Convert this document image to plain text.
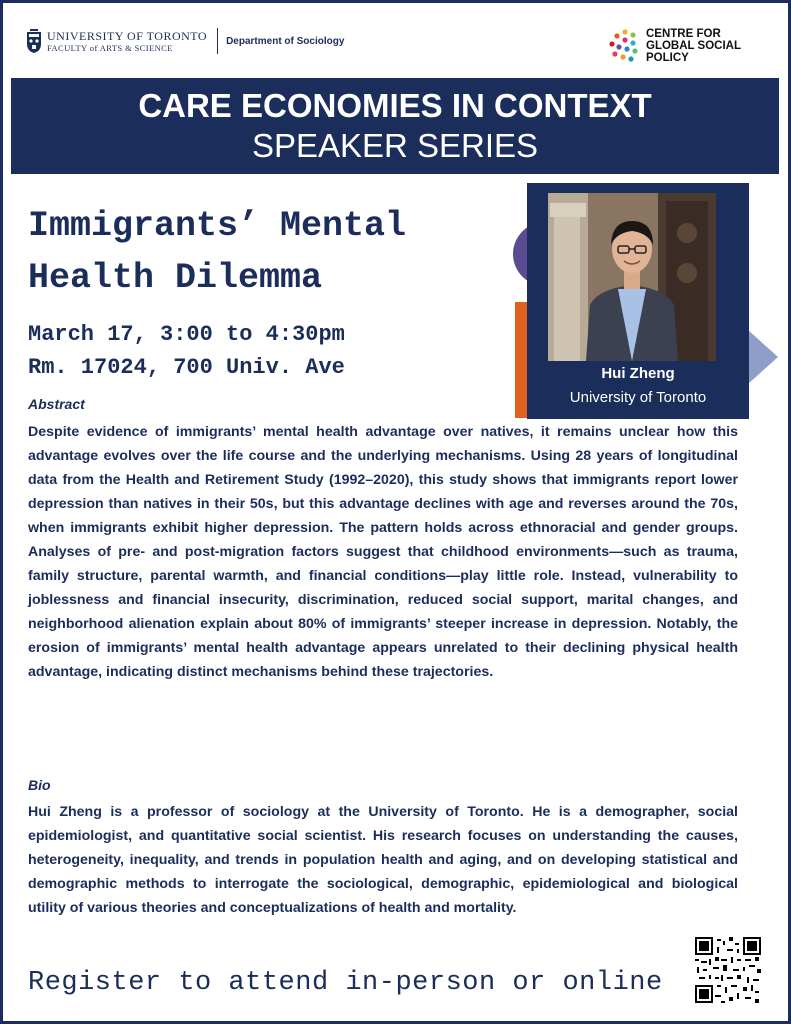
UNIVERSITY OF TORONTO
FACULTY of ARTS & SCIENCE
Department of Sociology
CENTRE FOR
GLOBAL SOCIAL
POLICY
CARE ECONOMIES IN CONTEXT
SPEAKER SERIES
Immigrants’ Mental
Health Dilemma
March 17, 3:00 to 4:30pm
Rm. 17024, 700 Univ. Ave	Hui Zheng
University of Toronto
Abstract
Despite evidence of immigrants’ mental health advantage over natives, it remains unclear how this advantage evolves over the life course and the underlying mechanisms. Using 28 years of longitudinal data from the Health and Retirement Study (1992–2020), this study shows that immigrants report lower depression than natives in their 50s, but this advantage declines with age and reverses around the 70s, when immigrants exhibit higher depression. The pattern holds across ethnoracial and gender groups. Analyses of pre- and post-migration factors suggest that childhood environments—such as trauma, family structure, parental warmth, and financial conditions—play little role. Instead, vulnerability to joblessness and financial insecurity, discrimination, reduced social support, marital changes, and neighborhood alienation explain about 80% of immigrants’ steeper increase in depression. Notably, the erosion of immigrants’ mental health advantage appears unrelated to their declining physical health advantage, indicating distinct mechanisms behind these trajectories.
Bio
Hui Zheng is a professor of sociology at the University of Toronto. He is a demographer, social epidemiologist, and quantitative social scientist. His research focuses on understanding the causes, heterogeneity, inequality, and trends in population health and aging, and on developing statistical and demographic methods to interrogate the sociological, demographic, epidemiological and biological utility of various theories and conceptualizations of health and mortality.
Register to attend in-person or online
